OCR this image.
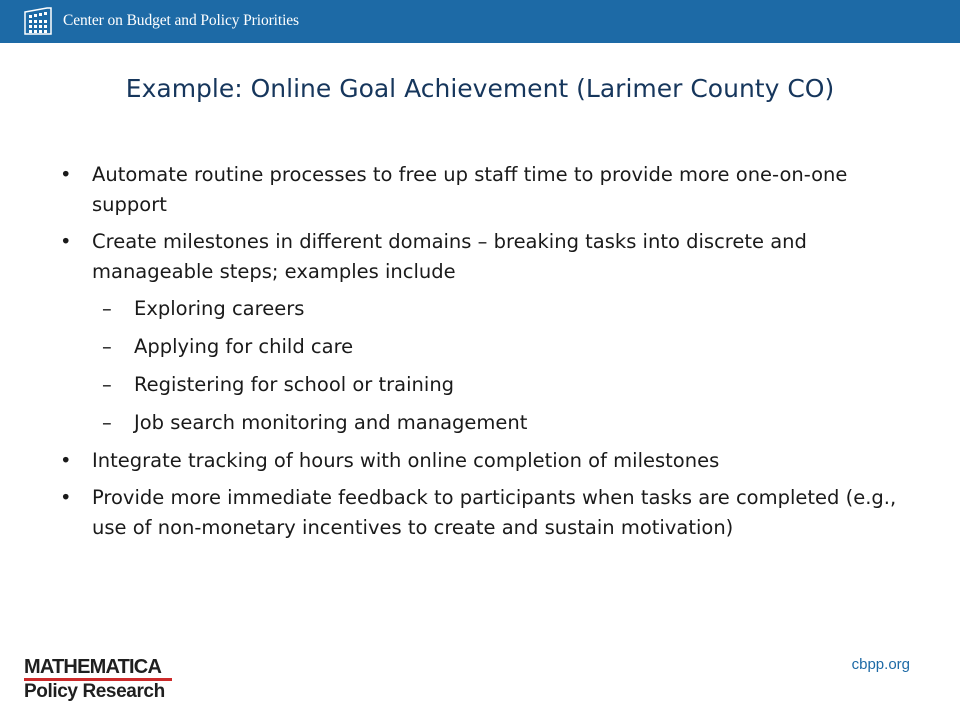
Center on Budget and Policy Priorities
Example: Online Goal Achievement (Larimer County CO)
•	Automate routine processes to free up staff time to provide more one-on-one support
•	Create milestones in different domains – breaking tasks into discrete and manageable steps; examples include
– Exploring careers
– Applying for child care
– Registering for school or training
– Job search monitoring and management
•	Integrate tracking of hours with online completion of milestones
•	Provide more immediate feedback to participants when tasks are completed (e.g., use of non-monetary incentives to create and sustain motivation)
MATHEMATICA
Policy Research
cbpp.org
